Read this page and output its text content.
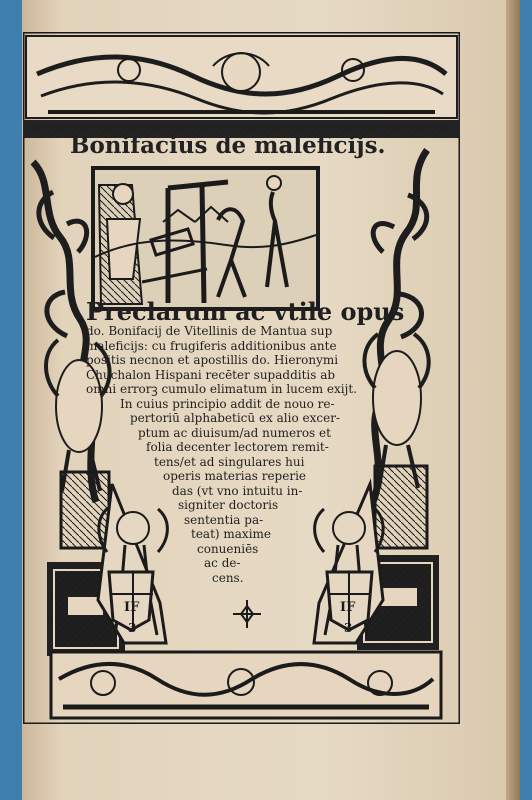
IF
3
IF
3
Bonifacius de maleficijs.
Preclarum ac vtile opus
do. Bonifacij de Vitellinis de Mantua sup
maleficijs: cu frugiferis additionibus ante
positis necnon et apostillis do. Hieronymi
Chuchalon Hispani recēter supadditis ab
omni errorꝫ cumulo elimatum in lucem exijt.
In cuius principio addit de nouo re-
pertoriū alphabeticū ex alio excer-
ptum ac diuisum/ad numeros et
folia decenter lectorem remit-
tens/et ad singulares hui
operis materias reperie
das (vt vno intuitu in-
signiter doctoris
sententia pa-
teat) maxime
conueniēs
ac de-
cens.
